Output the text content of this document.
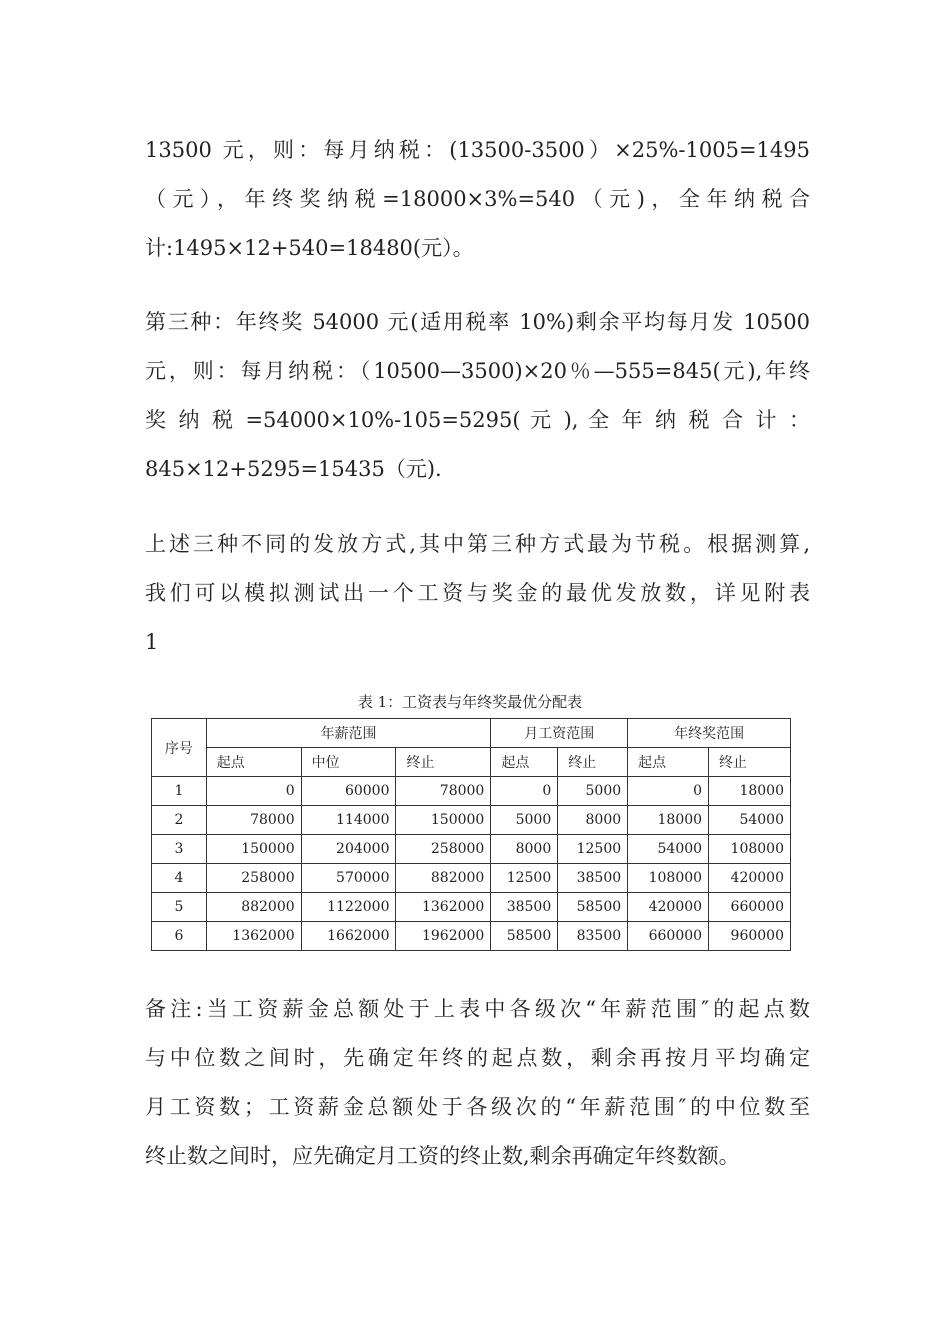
13500 元，则：每月纳税：(13500-3500）×25%-1005=1495
（元），年终奖纳税=18000×3%=540（元)，全年纳税合
计:1495×12+540=18480(元）。
第三种：年终奖 54000 元(适用税率 10%)剩余平均每月发 10500
元，则：每月纳税：（10500—3500)×20％—555=845(元),年终
奖 纳 税 =54000×10%-105=5295( 元 ), 全 年 纳 税 合 计 ：
845×12+5295=15435（元).
上述三种不同的发放方式,其中第三种方式最为节税。根据测算,
我们可以模拟测试出一个工资与奖金的最优发放数，详见附表
1
表 1：工资表与年终奖最优分配表
序号	年薪范围			月工资范围		年终奖范围	
	起点	中位	终止	起点	终止	起点	终止
1	0	60000	78000	0	5000	0	18000
2	78000	114000	150000	5000	8000	18000	54000
3	150000	204000	258000	8000	12500	54000	108000
4	258000	570000	882000	12500	38500	108000	420000
5	882000	1122000	1362000	38500	58500	420000	660000
6	1362000	1662000	1962000	58500	83500	660000	960000
备注:当工资薪金总额处于上表中各级次“年薪范围″的起点数
与中位数之间时，先确定年终的起点数，剩余再按月平均确定
月工资数；工资薪金总额处于各级次的“年薪范围″的中位数至
终止数之间时，应先确定月工资的终止数,剩余再确定年终数额。
